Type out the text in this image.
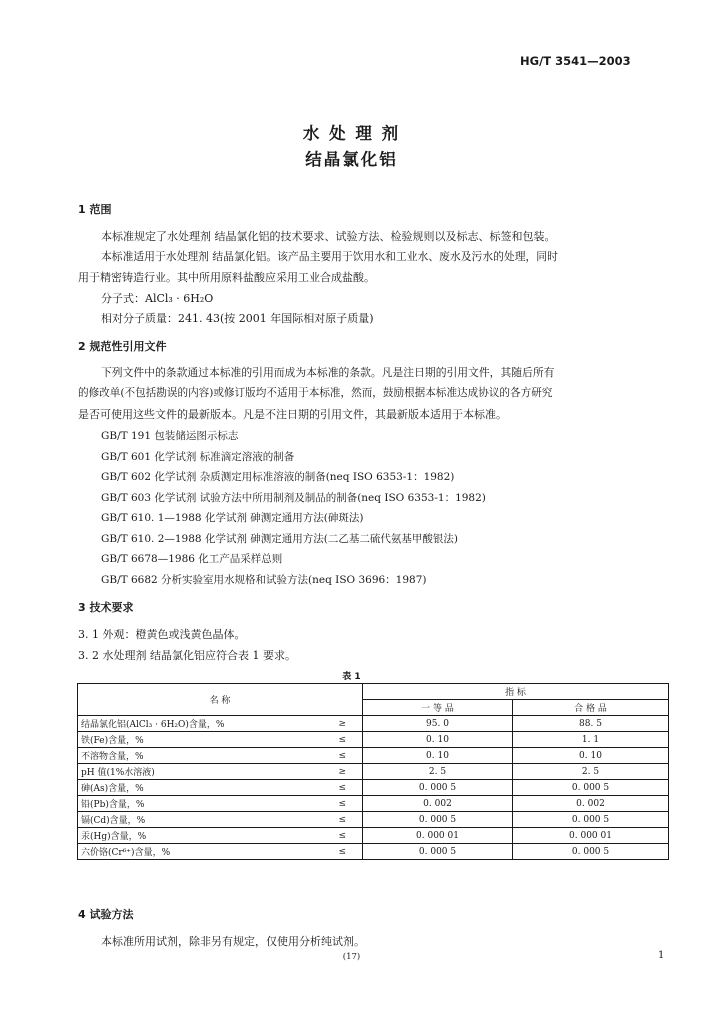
HG/T 3541—2003
水 处 理 剂
结晶氯化铝
1 范围
本标准规定了水处理剂 结晶氯化铝的技术要求、试验方法、检验规则以及标志、标签和包装。
本标准适用于水处理剂 结晶氯化铝。该产品主要用于饮用水和工业水、废水及污水的处理，同时
用于精密铸造行业。其中所用原料盐酸应采用工业合成盐酸。
分子式：AlCl₃ · 6H₂O
相对分子质量：241. 43(按 2001 年国际相对原子质量)
2 规范性引用文件
下列文件中的条款通过本标准的引用而成为本标准的条款。凡是注日期的引用文件，其随后所有
的修改单(不包括勘误的内容)或修订版均不适用于本标准，然而，鼓励根据本标准达成协议的各方研究
是否可使用这些文件的最新版本。凡是不注日期的引用文件，其最新版本适用于本标准。
GB/T 191 包装储运图示标志
GB/T 601 化学试剂 标准滴定溶液的制备
GB/T 602 化学试剂 杂质测定用标准溶液的制备(neq ISO 6353-1：1982)
GB/T 603 化学试剂 试验方法中所用制剂及制品的制备(neq ISO 6353-1：1982)
GB/T 610. 1—1988 化学试剂 砷测定通用方法(砷斑法)
GB/T 610. 2—1988 化学试剂 砷测定通用方法(二乙基二硫代氨基甲酸银法)
GB/T 6678—1986 化工产品采样总则
GB/T 6682 分析实验室用水规格和试验方法(neq ISO 3696：1987)
3 技术要求
3. 1 外观：橙黄色或浅黄色晶体。
3. 2 水处理剂 结晶氯化铝应符合表 1 要求。
表 1
名 称		指 标	
		一 等 品	合 格 品
结晶氯化铝(AlCl₃ · 6H₂O)含量，%	≥	95. 0	88. 5
铁(Fe)含量，%	≤	0. 10	1. 1
不溶物含量，%	≤	0. 10	0. 10
pH 值(1%水溶液)	≥	2. 5	2. 5
砷(As)含量，%	≤	0. 000 5	0. 000 5
铅(Pb)含量，%	≤	0. 002	0. 002
镉(Cd)含量，%	≤	0. 000 5	0. 000 5
汞(Hg)含量，%	≤	0. 000 01	0. 000 01
六价铬(Cr⁶⁺)含量，%	≤	0. 000 5	0. 000 5
4 试验方法
本标准所用试剂，除非另有规定，仅使用分析纯试剂。
(17)	1
